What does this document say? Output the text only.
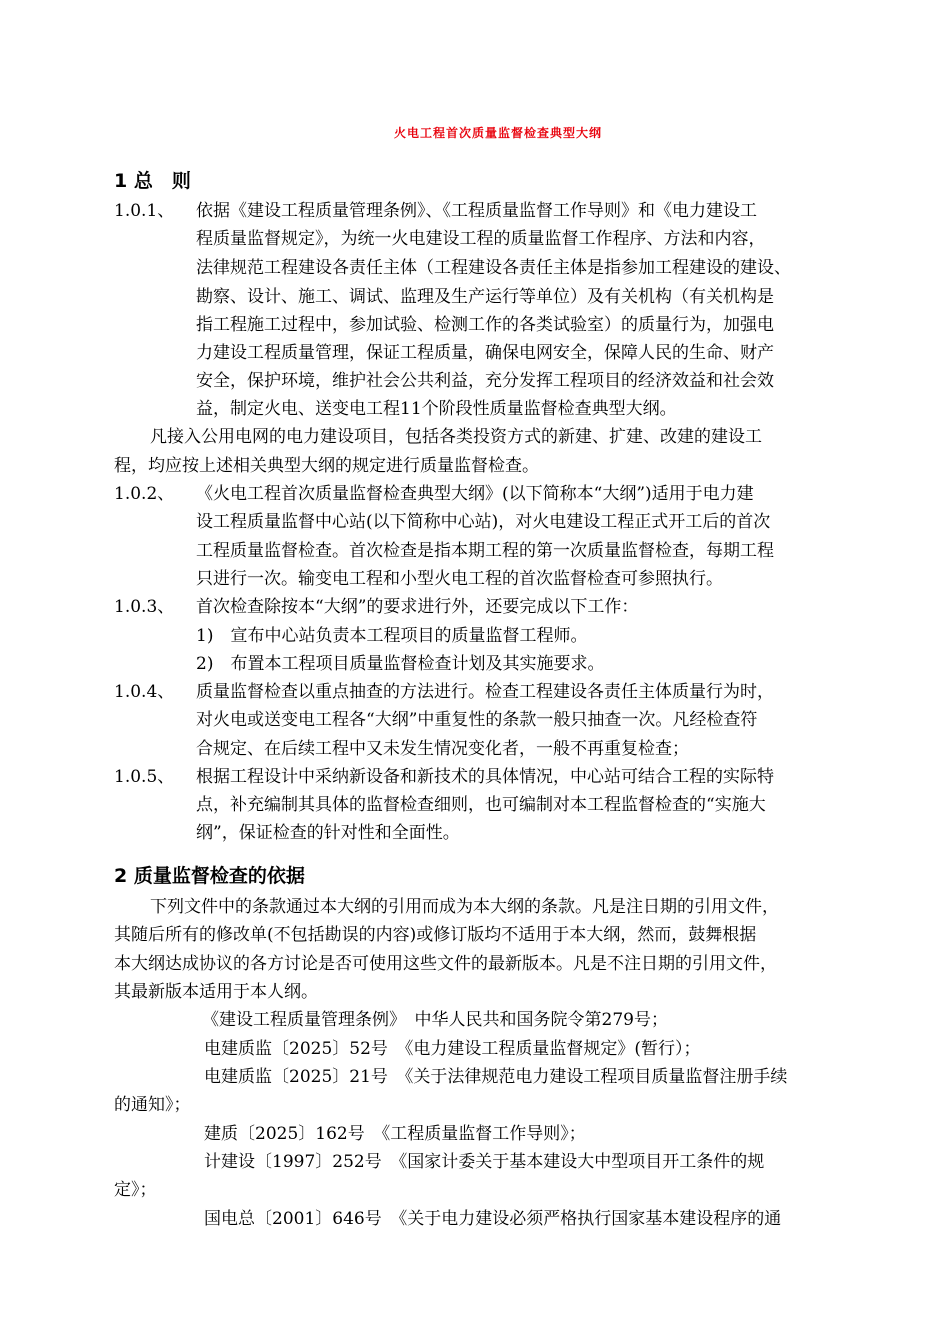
火电工程首次质量监督检查典型大纲
1 总　则
1.0.1、 依据《建设工程质量管理条例》、《工程质量监督工作导则》和《电力建设工
程质量监督规定》，为统一火电建设工程的质量监督工作程序、方法和内容，
法律规范工程建设各责任主体（工程建设各责任主体是指参加工程建设的建设、
勘察、设计、施工、调试、监理及生产运行等单位）及有关机构（有关机构是
指工程施工过程中，参加试验、检测工作的各类试验室）的质量行为，加强电
力建设工程质量管理，保证工程质量，确保电网安全，保障人民的生命、财产
安全，保护环境，维护社会公共利益，充分发挥工程项目的经济效益和社会效
益，制定火电、送变电工程11个阶段性质量监督检查典型大纲。
凡接入公用电网的电力建设项目，包括各类投资方式的新建、扩建、改建的建设工
程，均应按上述相关典型大纲的规定进行质量监督检查。
1.0.2、 《火电工程首次质量监督检查典型大纲》(以下简称本“大纲”)适用于电力建
设工程质量监督中心站(以下简称中心站)，对火电建设工程正式开工后的首次
工程质量监督检查。首次检查是指本期工程的第一次质量监督检查，每期工程
只进行一次。输变电工程和小型火电工程的首次监督检查可参照执行。
1.0.3、 首次检查除按本“大纲”的要求进行外，还要完成以下工作：
1)　宣布中心站负责本工程项目的质量监督工程师。
2)　布置本工程项目质量监督检查计划及其实施要求。
1.0.4、 质量监督检查以重点抽查的方法进行。检查工程建设各责任主体质量行为时，
对火电或送变电工程各“大纲”中重复性的条款一般只抽查一次。凡经检查符
合规定、在后续工程中又未发生情况变化者，一般不再重复检查；
1.0.5、 根据工程设计中采纳新设备和新技术的具体情况，中心站可结合工程的实际特
点，补充编制其具体的监督检查细则，也可编制对本工程监督检查的“实施大
纲”，保证检查的针对性和全面性。
2 质量监督检查的依据
下列文件中的条款通过本大纲的引用而成为本大纲的条款。凡是注日期的引用文件，
其随后所有的修改单(不包括勘误的内容)或修订版均不适用于本大纲，然而，鼓舞根据
本大纲达成协议的各方讨论是否可使用这些文件的最新版本。凡是不注日期的引用文件，
其最新版本适用于本人纲。
《建设工程质量管理条例》　中华人民共和国务院令第279号；
电建质监〔2025〕52号　《电力建设工程质量监督规定》(暂行）；
电建质监〔2025〕21号　《关于法律规范电力建设工程项目质量监督注册手续
的通知》；
建质〔2025〕162号　《工程质量监督工作导则》；
计建设〔1997〕252号　《国家计委关于基本建设大中型项目开工条件的规
定》；
国电总〔2001〕646号　《关于电力建设必须严格执行国家基本建设程序的通
